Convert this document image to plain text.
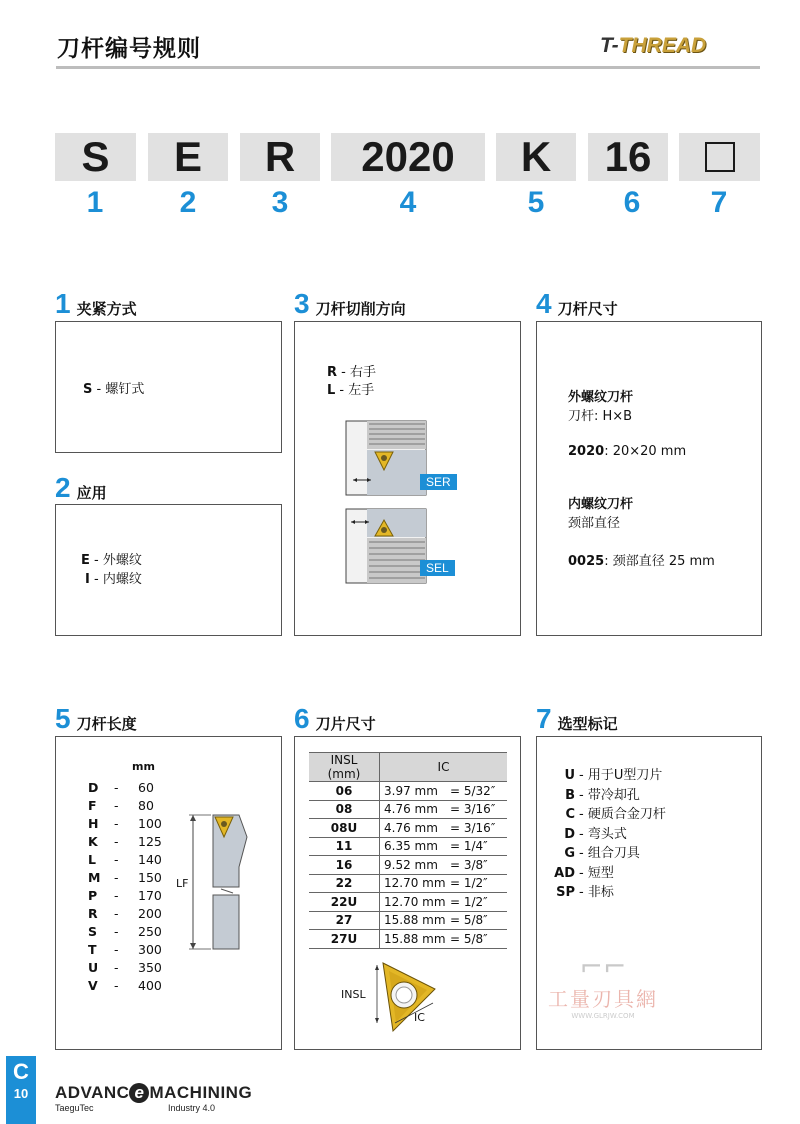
刀杆编号规则	T-THREAD
S	E	R	2020	K	16
1	2	3	4	5	6	7
1 夹紧方式
S - 螺钉式
2 应用
E - 外螺纹
I - 内螺纹
3 刀杆切削方向
R - 右手
L - 左手
SER
SEL
4 刀杆尺寸
外螺纹刀杆
刀杆: H×B
2020: 20×20 mm
内螺纹刀杆
颈部直径
0025: 颈部直径 25 mm
5 刀杆长度
mm
D	-	60
F	-	80
H	-	100
K	-	125
L	-	140
M	-	150
P	-	170
R	-	200
S	-	250
T	-	300
U	-	350
V	-	400
LF
6 刀片尺寸
INSL (mm)	IC
06	3.97 mm = 5/32″
08	4.76 mm = 3/16″
08U	4.76 mm = 3/16″
11	6.35 mm = 1/4″
16	9.52 mm = 3/8″
22	12.70 mm = 1/2″
22U	12.70 mm = 1/2″
27	15.88 mm = 5/8″
27U	15.88 mm = 5/8″
INSL
IC
7 选型标记
U - 用于U型刀片
B - 带冷却孔
C - 硬质合金刀杆
D - 弯头式
G - 组合刀具
AD - 短型
SP - 非标
⌐⌐
工量刃具網
WWW.GLRJW.COM
C
10	ADVANC e MACHINING
TaeguTec	Industry 4.0
